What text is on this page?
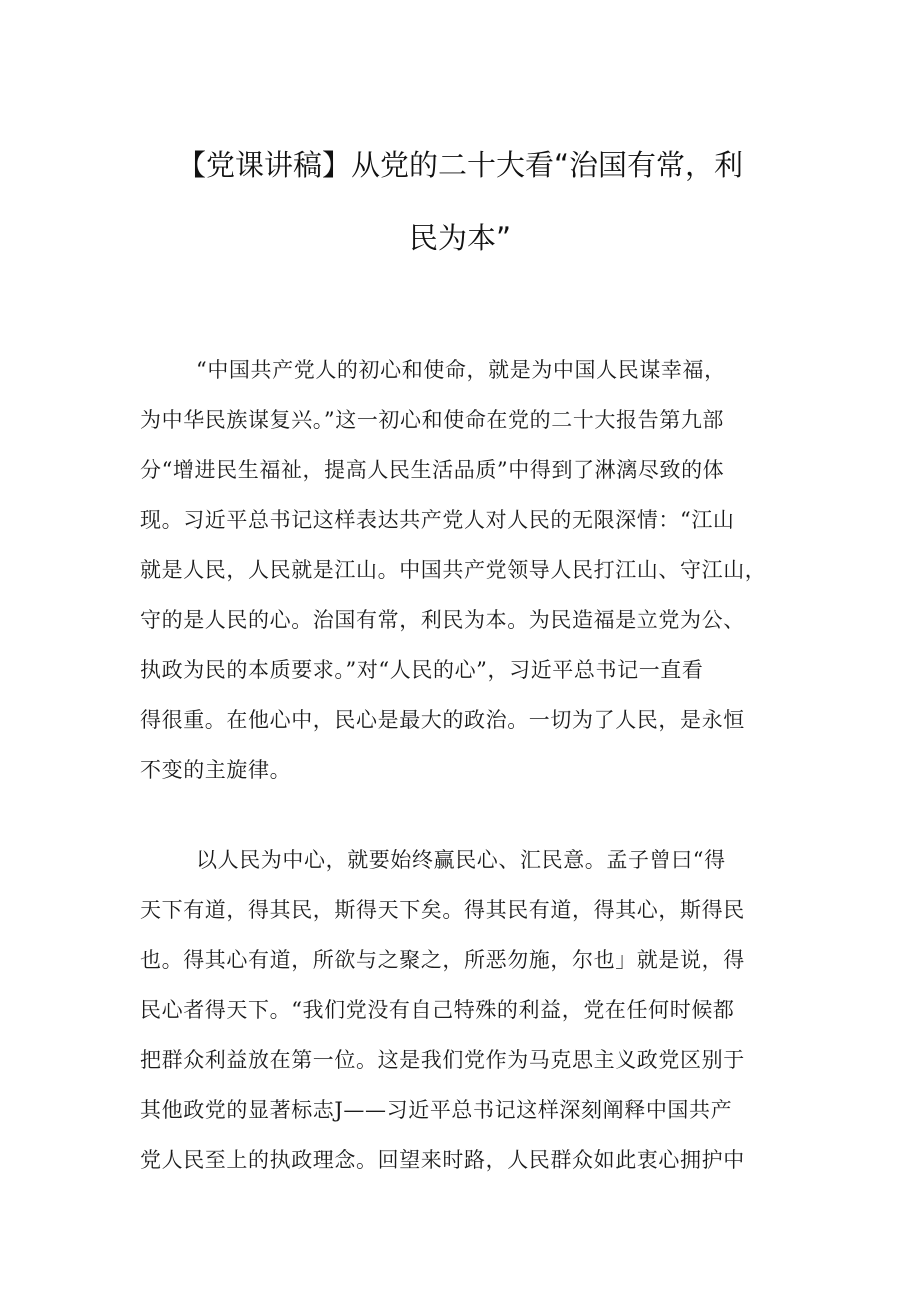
【党课讲稿】从党的二十大看“治国有常，利
民为本”
“中国共产党人的初心和使命，就是为中国人民谋幸福，
为中华民族谋复兴。”这一初心和使命在党的二十大报告第九部
分“增进民生福祉，提高人民生活品质”中得到了淋漓尽致的体
现。习近平总书记这样表达共产党人对人民的无限深情：“江山
就是人民，人民就是江山。中国共产党领导人民打江山、守江山，
守的是人民的心。治国有常，利民为本。为民造福是立党为公、
执政为民的本质要求。”对“人民的心”，习近平总书记一直看
得很重。在他心中，民心是最大的政治。一切为了人民，是永恒
不变的主旋律。
以人民为中心，就要始终赢民心、汇民意。孟子曾曰“得
天下有道，得其民，斯得天下矣。得其民有道，得其心，斯得民
也。得其心有道，所欲与之聚之，所恶勿施，尔也」就是说，得
民心者得天下。“我们党没有自己特殊的利益，党在任何时候都
把群众利益放在第一位。这是我们党作为马克思主义政党区别于
其他政党的显著标志J——习近平总书记这样深刻阐释中国共产
党人民至上的执政理念。回望来时路，人民群众如此衷心拥护中
